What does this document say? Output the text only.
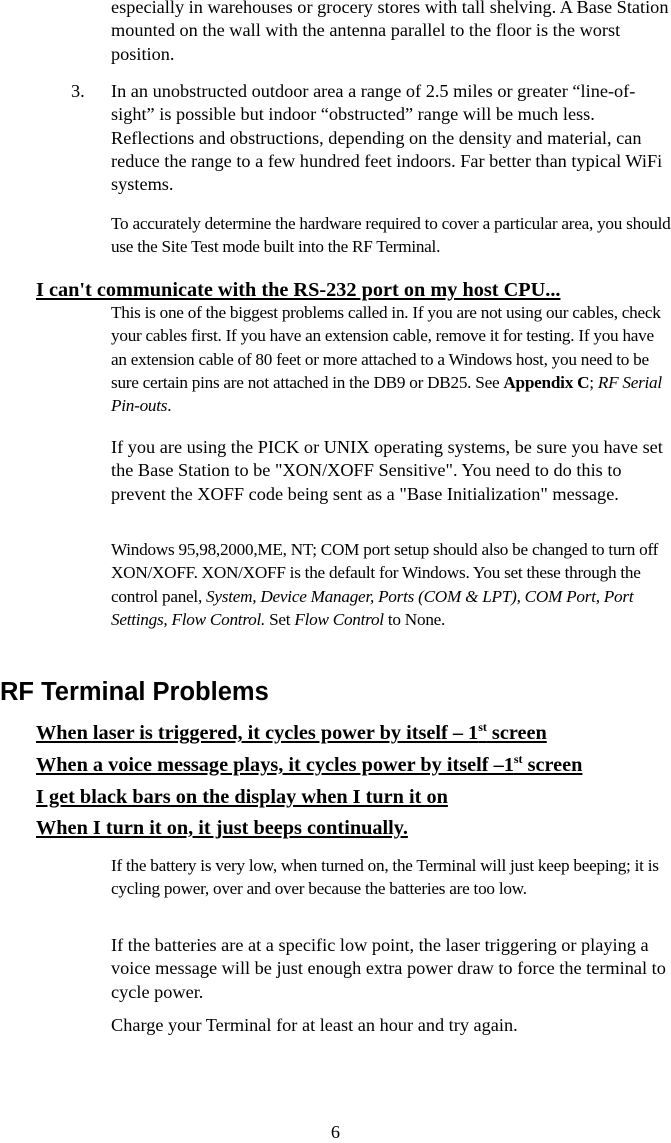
especially in warehouses or grocery stores with tall shelving. A Base Station mounted on the wall with the antenna parallel to the floor is the worst position.
3. In an unobstructed outdoor area a range of 2.5 miles or greater “line-of-sight” is possible but indoor “obstructed” range will be much less. Reflections and obstructions, depending on the density and material, can reduce the range to a few hundred feet indoors. Far better than typical WiFi systems.
To accurately determine the hardware required to cover a particular area, you should use the Site Test mode built into the RF Terminal.
I can't communicate with the RS-232 port on my host CPU...
This is one of the biggest problems called in. If you are not using our cables, check your cables first. If you have an extension cable, remove it for testing. If you have an extension cable of 80 feet or more attached to a Windows host, you need to be sure certain pins are not attached in the DB9 or DB25. See Appendix C; RF Serial Pin-outs.
If you are using the PICK or UNIX operating systems, be sure you have set the Base Station to be "XON/XOFF Sensitive". You need to do this to prevent the XOFF code being sent as a "Base Initialization" message.
Windows 95,98,2000,ME, NT; COM port setup should also be changed to turn off XON/XOFF. XON/XOFF is the default for Windows. You set these through the control panel, System, Device Manager, Ports (COM & LPT), COM Port, Port Settings, Flow Control. Set Flow Control to None.
RF Terminal Problems
When laser is triggered, it cycles power by itself – 1st screen
When a voice message plays, it cycles power by itself –1st screen
I get black bars on the display when I turn it on
When I turn it on, it just beeps continually.
If the battery is very low, when turned on, the Terminal will just keep beeping; it is cycling power, over and over because the batteries are too low.
If the batteries are at a specific low point, the laser triggering or playing a voice message will be just enough extra power draw to force the terminal to cycle power.
Charge your Terminal for at least an hour and try again.
6
